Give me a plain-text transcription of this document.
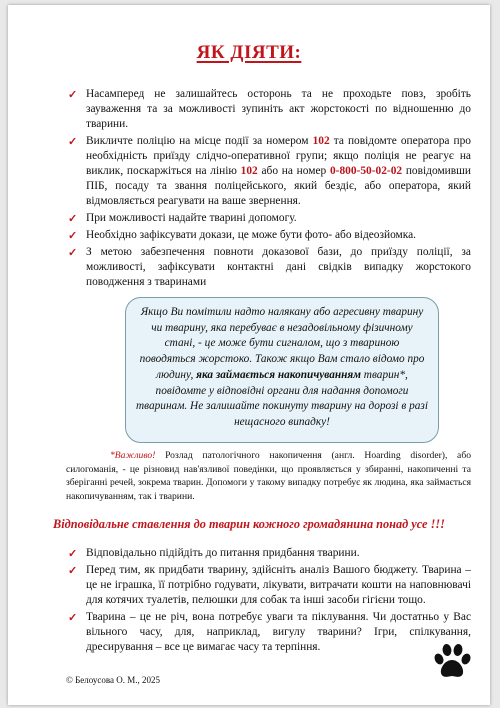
ЯК ДІЯТИ:
✓ Насамперед не залишайтесь осторонь та не проходьте повз, зробіть зауваження та за можливості зупиніть акт жорстокості по відношенню до тварини.
✓ Викличте поліцію на місце події за номером 102 та повідомте оператора про необхідність приїзду слідчо-оперативної групи; якщо поліція не реагує на виклик, поскаржіться на лінію 102 або на номер 0-800-50-02-02 повідомивши ПІБ, посаду та звання поліцейського, який бездіє, або оператора, який відмовляється реагувати на ваше звернення.
✓ При можливості надайте тварині допомогу.
✓ Необхідно зафіксувати докази, це може бути фото- або відеозйомка.
✓ З метою забезпечення повноти доказової бази, до приїзду поліції, за можливості, зафіксувати контактні дані свідків випадку жорстокого поводження з тваринами
Якщо Ви помітили надто налякану або агресивну тварину чи тварину, яка перебуває в незадовільному фізичному стані, - це може бути сигналом, що з твариною поводяться жорстоко. Також якщо Вам стало відомо про людину, яка займається накопичуванням тварин*, повідомте у відповідні органи для надання допомоги тваринам. Не залишайте покинуту тварину на дорозі в разі нещасного випадку!
*Важливо! Розлад патологічного накопичення (англ. Hoarding disorder), або силогоманія, - це різновид нав'язливої поведінки, що проявляється у збиранні, накопиченні та зберіганні речей, зокрема тварин. Допомоги у такому випадку потребує як людина, яка займається накопичуванням, так і тварини.
Відповідальне ставлення до тварин кожного громадянина понад усе !!!
✓ Відповідально підійдіть до питання придбання тварини.
✓ Перед тим, як придбати тварину, здійсніть аналіз Вашого бюджету. Тварина – це не іграшка, її потрібно годувати, лікувати, витрачати кошти на наповнювачі для котячих туалетів, пелюшки для собак та інші засоби гігієни тощо.
✓ Тварина – це не річ, вона потребує уваги та піклування. Чи достатньо у Вас вільного часу, для, наприклад, вигулу тварини? Ігри, спілкування, дресирування – все це вимагає часу та терпіння.
© Белоусова О. М., 2025
